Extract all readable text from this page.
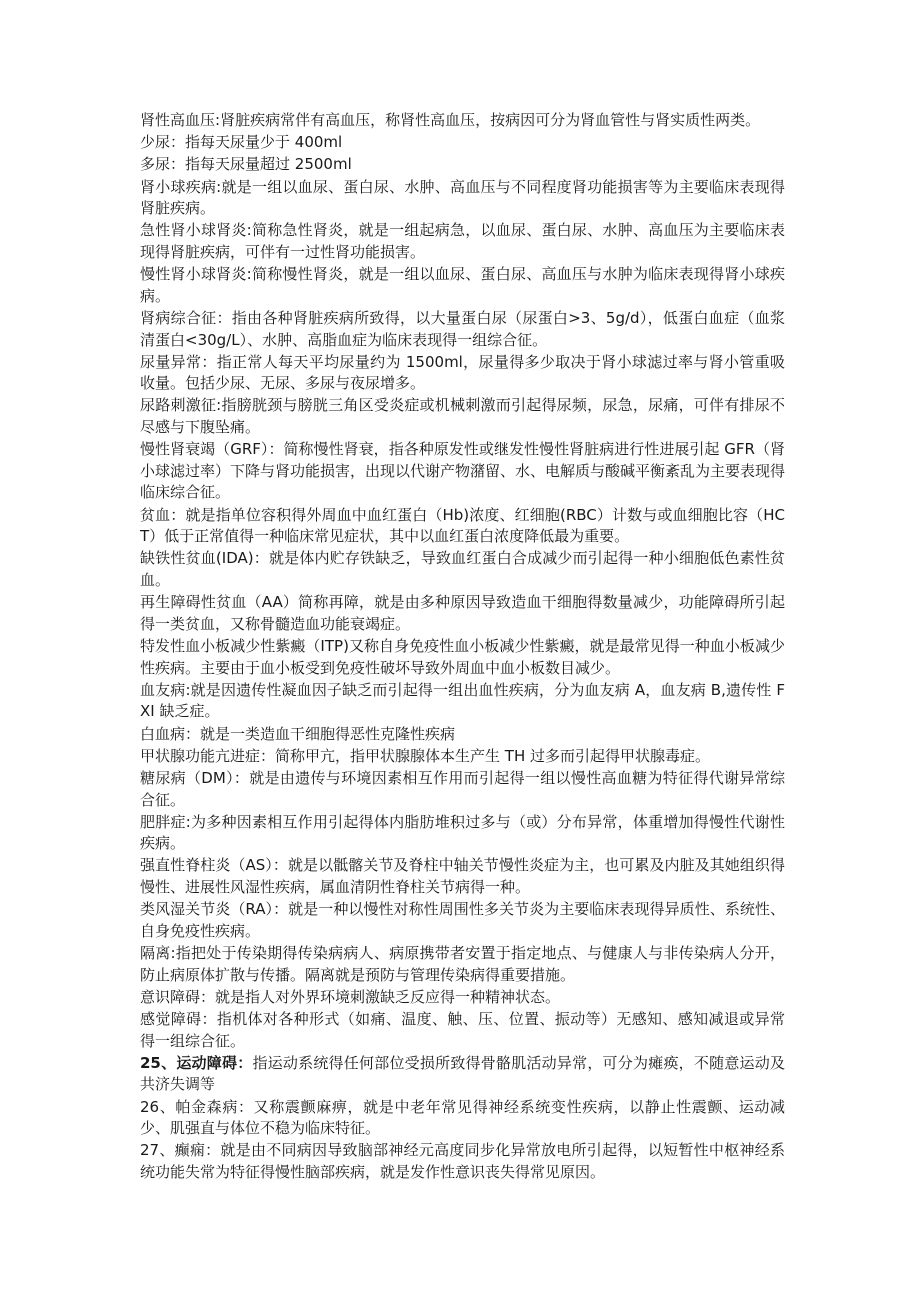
肾性高血压:肾脏疾病常伴有高血压，称肾性高血压，按病因可分为肾血管性与肾实质性两类。
少尿：指每天尿量少于 400ml
多尿：指每天尿量超过 2500ml
肾小球疾病:就是一组以血尿、蛋白尿、水肿、高血压与不同程度肾功能损害等为主要临床表现得肾脏疾病。
急性肾小球肾炎:简称急性肾炎，就是一组起病急，以血尿、蛋白尿、水肿、高血压为主要临床表现得肾脏疾病，可伴有一过性肾功能损害。
慢性肾小球肾炎:简称慢性肾炎，就是一组以血尿、蛋白尿、高血压与水肿为临床表现得肾小球疾病。
肾病综合征：指由各种肾脏疾病所致得，以大量蛋白尿（尿蛋白>3、5g/d），低蛋白血症（血浆清蛋白<30g/L）、水肿、高脂血症为临床表现得一组综合征。
尿量异常：指正常人每天平均尿量约为 1500ml，尿量得多少取决于肾小球滤过率与肾小管重吸收量。包括少尿、无尿、多尿与夜尿增多。
尿路刺激征:指膀胱颈与膀胱三角区受炎症或机械刺激而引起得尿频，尿急，尿痛，可伴有排尿不尽感与下腹坠痛。
慢性肾衰竭（GRF）：简称慢性肾衰，指各种原发性或继发性慢性肾脏病进行性进展引起 GFR（肾小球滤过率）下降与肾功能损害，出现以代谢产物潴留、水、电解质与酸碱平衡紊乱为主要表现得临床综合征。
贫血：就是指单位容积得外周血中血红蛋白（Hb)浓度、红细胞(RBC）计数与或血细胞比容（HCT）低于正常值得一种临床常见症状，其中以血红蛋白浓度降低最为重要。
缺铁性贫血(IDA)：就是体内贮存铁缺乏，导致血红蛋白合成减少而引起得一种小细胞低色素性贫血。
再生障碍性贫血（AA）简称再障，就是由多种原因导致造血干细胞得数量减少，功能障碍所引起得一类贫血，又称骨髓造血功能衰竭症。
特发性血小板减少性紫癜（ITP)又称自身免疫性血小板减少性紫癜，就是最常见得一种血小板减少性疾病。主要由于血小板受到免疫性破坏导致外周血中血小板数目减少。
血友病:就是因遗传性凝血因子缺乏而引起得一组出血性疾病，分为血友病 A，血友病 B,遗传性 FXI 缺乏症。
白血病：就是一类造血干细胞得恶性克隆性疾病
甲状腺功能亢进症：简称甲亢，指甲状腺腺体本生产生 TH 过多而引起得甲状腺毒症。
糖尿病（DM）：就是由遗传与环境因素相互作用而引起得一组以慢性高血糖为特征得代谢异常综合征。
肥胖症:为多种因素相互作用引起得体内脂肪堆积过多与（或）分布异常，体重增加得慢性代谢性疾病。
强直性脊柱炎（AS）：就是以骶髂关节及脊柱中轴关节慢性炎症为主，也可累及内脏及其她组织得慢性、进展性风湿性疾病，属血清阴性脊柱关节病得一种。
类风湿关节炎（RA）：就是一种以慢性对称性周围性多关节炎为主要临床表现得异质性、系统性、自身免疫性疾病。
隔离:指把处于传染期得传染病病人、病原携带者安置于指定地点、与健康人与非传染病人分开，防止病原体扩散与传播。隔离就是预防与管理传染病得重要措施。
意识障碍：就是指人对外界环境刺激缺乏反应得一种精神状态。
感觉障碍：指机体对各种形式（如痛、温度、触、压、位置、振动等）无感知、感知减退或异常得一组综合征。
25、运动障碍：指运动系统得任何部位受损所致得骨骼肌活动异常，可分为瘫痪，不随意运动及共济失调等
26、帕金森病：又称震颤麻痹，就是中老年常见得神经系统变性疾病，以静止性震颤、运动减少、肌强直与体位不稳为临床特征。
27、癫痫：就是由不同病因导致脑部神经元高度同步化异常放电所引起得，以短暂性中枢神经系统功能失常为特征得慢性脑部疾病，就是发作性意识丧失得常见原因。
